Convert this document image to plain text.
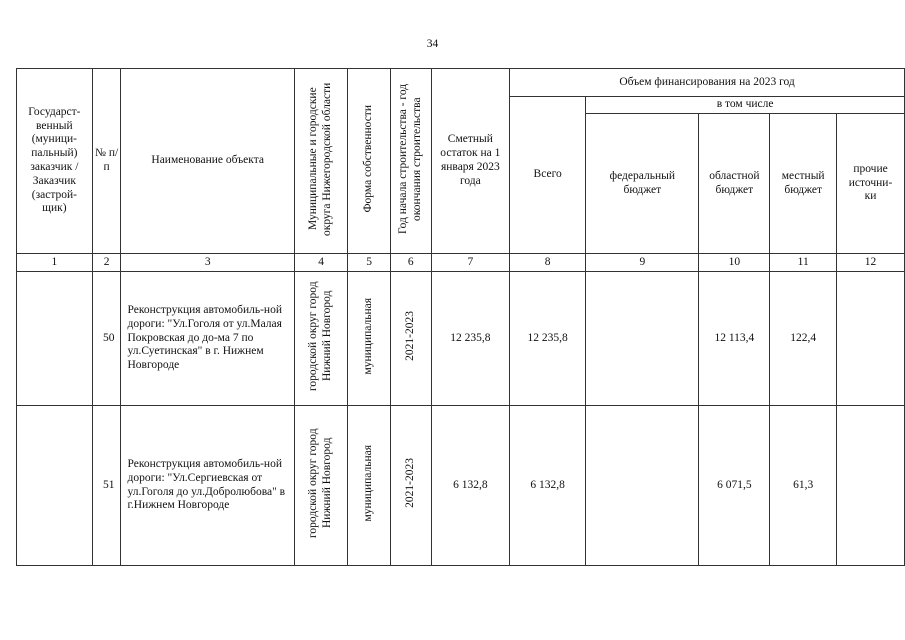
34
Государст-венный (муници-пальный) заказчик / Заказчик (застрой-щик)	№ п/п	Наименование объекта	Муниципальные и городские округа Нижегородской области	Форма собственности	Год начала строительства - год окончания строительства	Сметный остаток на 1 января 2023 года	Объем финансирования на 2023 год				
							Всего	в том числе			
								федеральный бюджет	областной бюджет	местный бюджет	прочие источни-ки
1	2	3	4	5	6	7	8	9	10	11	12
	50	Реконструкция автомобиль-ной дороги: "Ул.Гоголя от ул.Малая Покровская до до-ма 7 по ул.Суетинская" в г. Нижнем Новгороде	городской округ город Нижний Новгород	муниципальная	2021-2023	12 235,8	12 235,8		12 113,4	122,4	
	51	Реконструкция автомобиль-ной дороги: "Ул.Сергиевская от ул.Гоголя до ул.Добролюбова" в г.Нижнем Новгороде	городской округ город Нижний Новгород	муниципальная	2021-2023	6 132,8	6 132,8		6 071,5	61,3	
